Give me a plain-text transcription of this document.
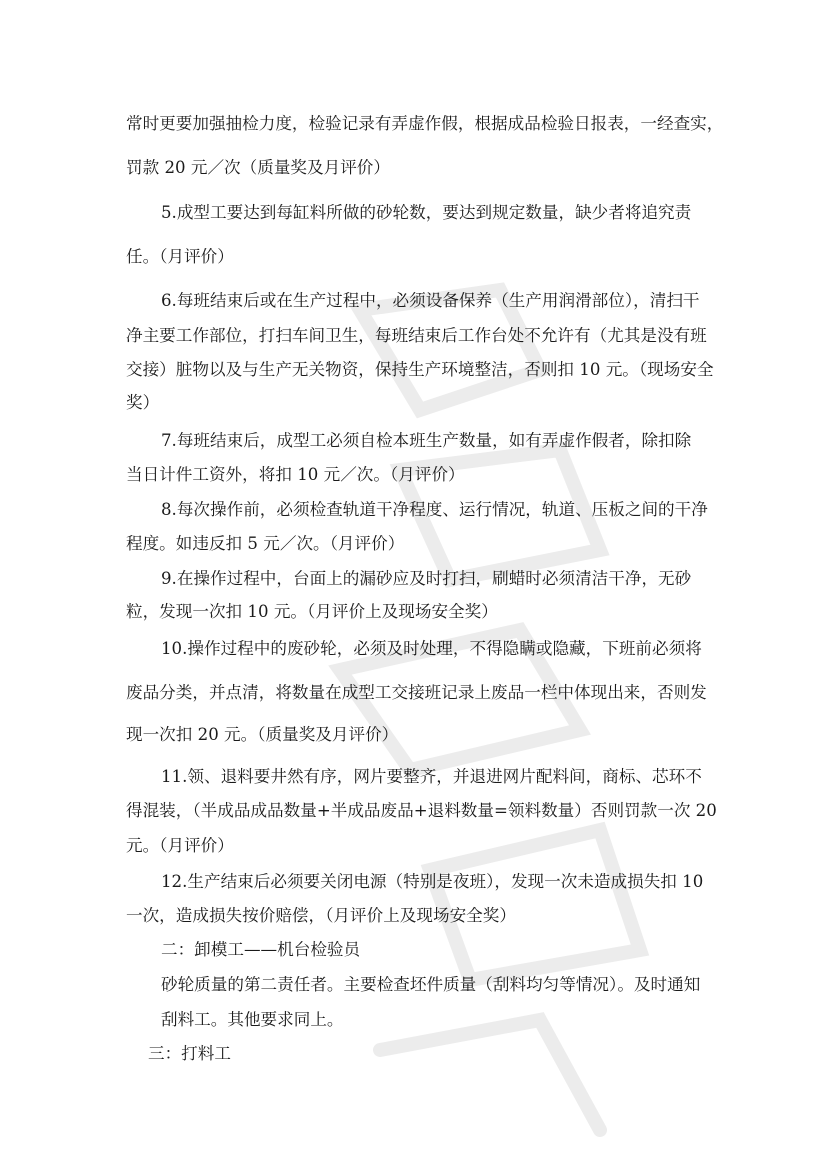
常时更要加强抽检力度，检验记录有弄虚作假，根据成品检验日报表，一经查实，
罚款 20 元／次（质量奖及月评价）
5.成型工要达到每缸料所做的砂轮数，要达到规定数量，缺少者将追究责
任。（月评价）
6.每班结束后或在生产过程中，必须设备保养（生产用润滑部位），清扫干
净主要工作部位，打扫车间卫生，每班结束后工作台处不允许有（尤其是没有班
交接）脏物以及与生产无关物资，保持生产环境整洁，否则扣 10 元。（现场安全
奖）
7.每班结束后，成型工必须自检本班生产数量，如有弄虚作假者，除扣除
当日计件工资外，将扣 10 元／次。（月评价）
8.每次操作前，必须检查轨道干净程度、运行情况，轨道、压板之间的干净
程度。如违反扣 5 元／次。（月评价）
9.在操作过程中，台面上的漏砂应及时打扫，刷蜡时必须清洁干净，无砂
粒，发现一次扣 10 元。（月评价上及现场安全奖）
10.操作过程中的废砂轮，必须及时处理，不得隐瞒或隐藏，下班前必须将
废品分类，并点清，将数量在成型工交接班记录上废品一栏中体现出来，否则发
现一次扣 20 元。（质量奖及月评价）
11.领、退料要井然有序，网片要整齐，并退进网片配料间，商标、芯环不
得混装，（半成品成品数量+半成品废品+退料数量=领料数量）否则罚款一次 20
元。（月评价）
12.生产结束后必须要关闭电源（特别是夜班），发现一次未造成损失扣 10
一次，造成损失按价赔偿，（月评价上及现场安全奖）
二：卸模工——机台检验员
砂轮质量的第二责任者。主要检查坯件质量（刮料均匀等情况）。及时通知
刮料工。其他要求同上。
三：打料工
